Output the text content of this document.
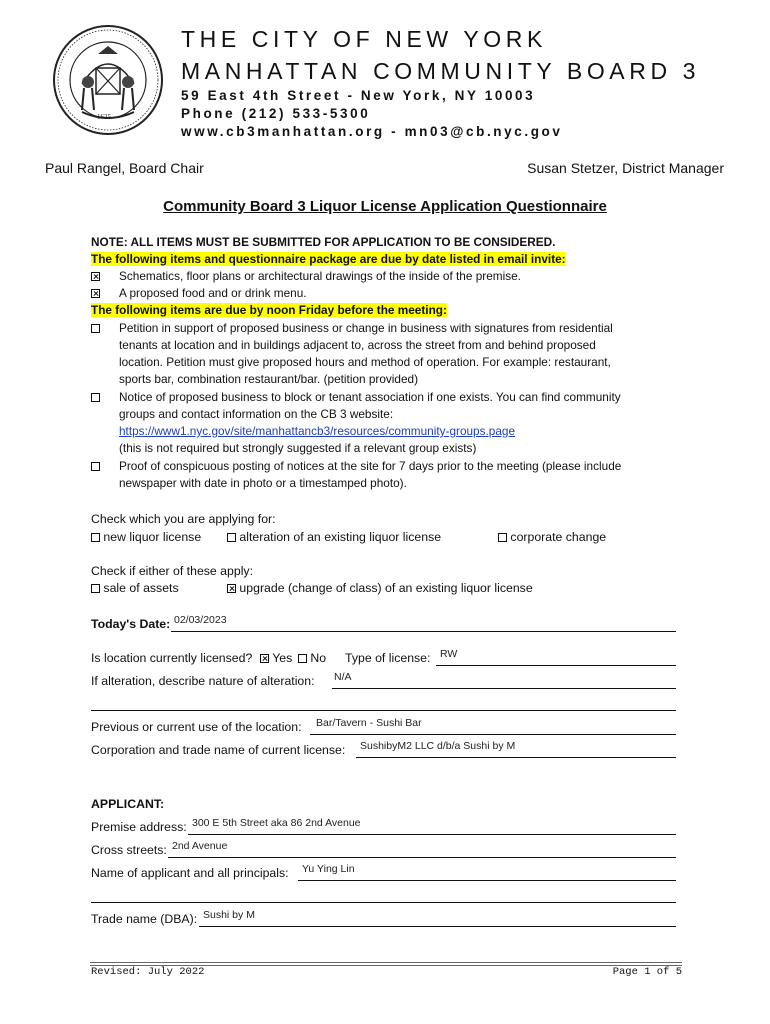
1625
THE CITY OF NEW YORK
MANHATTAN COMMUNITY BOARD 3
59 East 4th Street - New York, NY 10003
Phone (212) 533-5300
www.cb3manhattan.org - mn03@cb.nyc.gov
Paul Rangel, Board Chair	Susan Stetzer, District Manager
Community Board 3 Liquor License Application Questionnaire
NOTE: ALL ITEMS MUST BE SUBMITTED FOR APPLICATION TO BE CONSIDERED.
The following items and questionnaire package are due by date listed in email invite:
Schematics, floor plans or architectural drawings of the inside of the premise.
A proposed food and or drink menu.
The following items are due by noon Friday before the meeting:
Petition in support of proposed business or change in business with signatures from residential
tenants at location and in buildings adjacent to, across the street from and behind proposed
location. Petition must give proposed hours and method of operation. For example: restaurant,
sports bar, combination restaurant/bar. (petition provided)
Notice of proposed business to block or tenant association if one exists. You can find community
groups and contact information on the CB 3 website:
https://www1.nyc.gov/site/manhattancb3/resources/community-groups.page
(this is not required but strongly suggested if a relevant group exists)
Proof of conspicuous posting of notices at the site for 7 days prior to the meeting (please include
newspaper with date in photo or a timestamped photo).
Check which you are applying for:
new liquor license	alteration of an existing liquor license	corporate change
Check if either of these apply:
sale of assets	upgrade (change of class) of an existing liquor license
Today's Date: 02/03/2023
Is location currently licensed?	Yes	No Type of license: RW
If alteration, describe nature of alteration: N/A
Previous or current use of the location: Bar/Tavern - Sushi Bar
Corporation and trade name of current license: SushibyM2 LLC d/b/a Sushi by M
APPLICANT:
Premise address: 300 E 5th Street aka 86 2nd Avenue
Cross streets: 2nd Avenue
Name of applicant and all principals: Yu Ying Lin
Trade name (DBA): Sushi by M
Revised: July 2022	Page 1 of 5
